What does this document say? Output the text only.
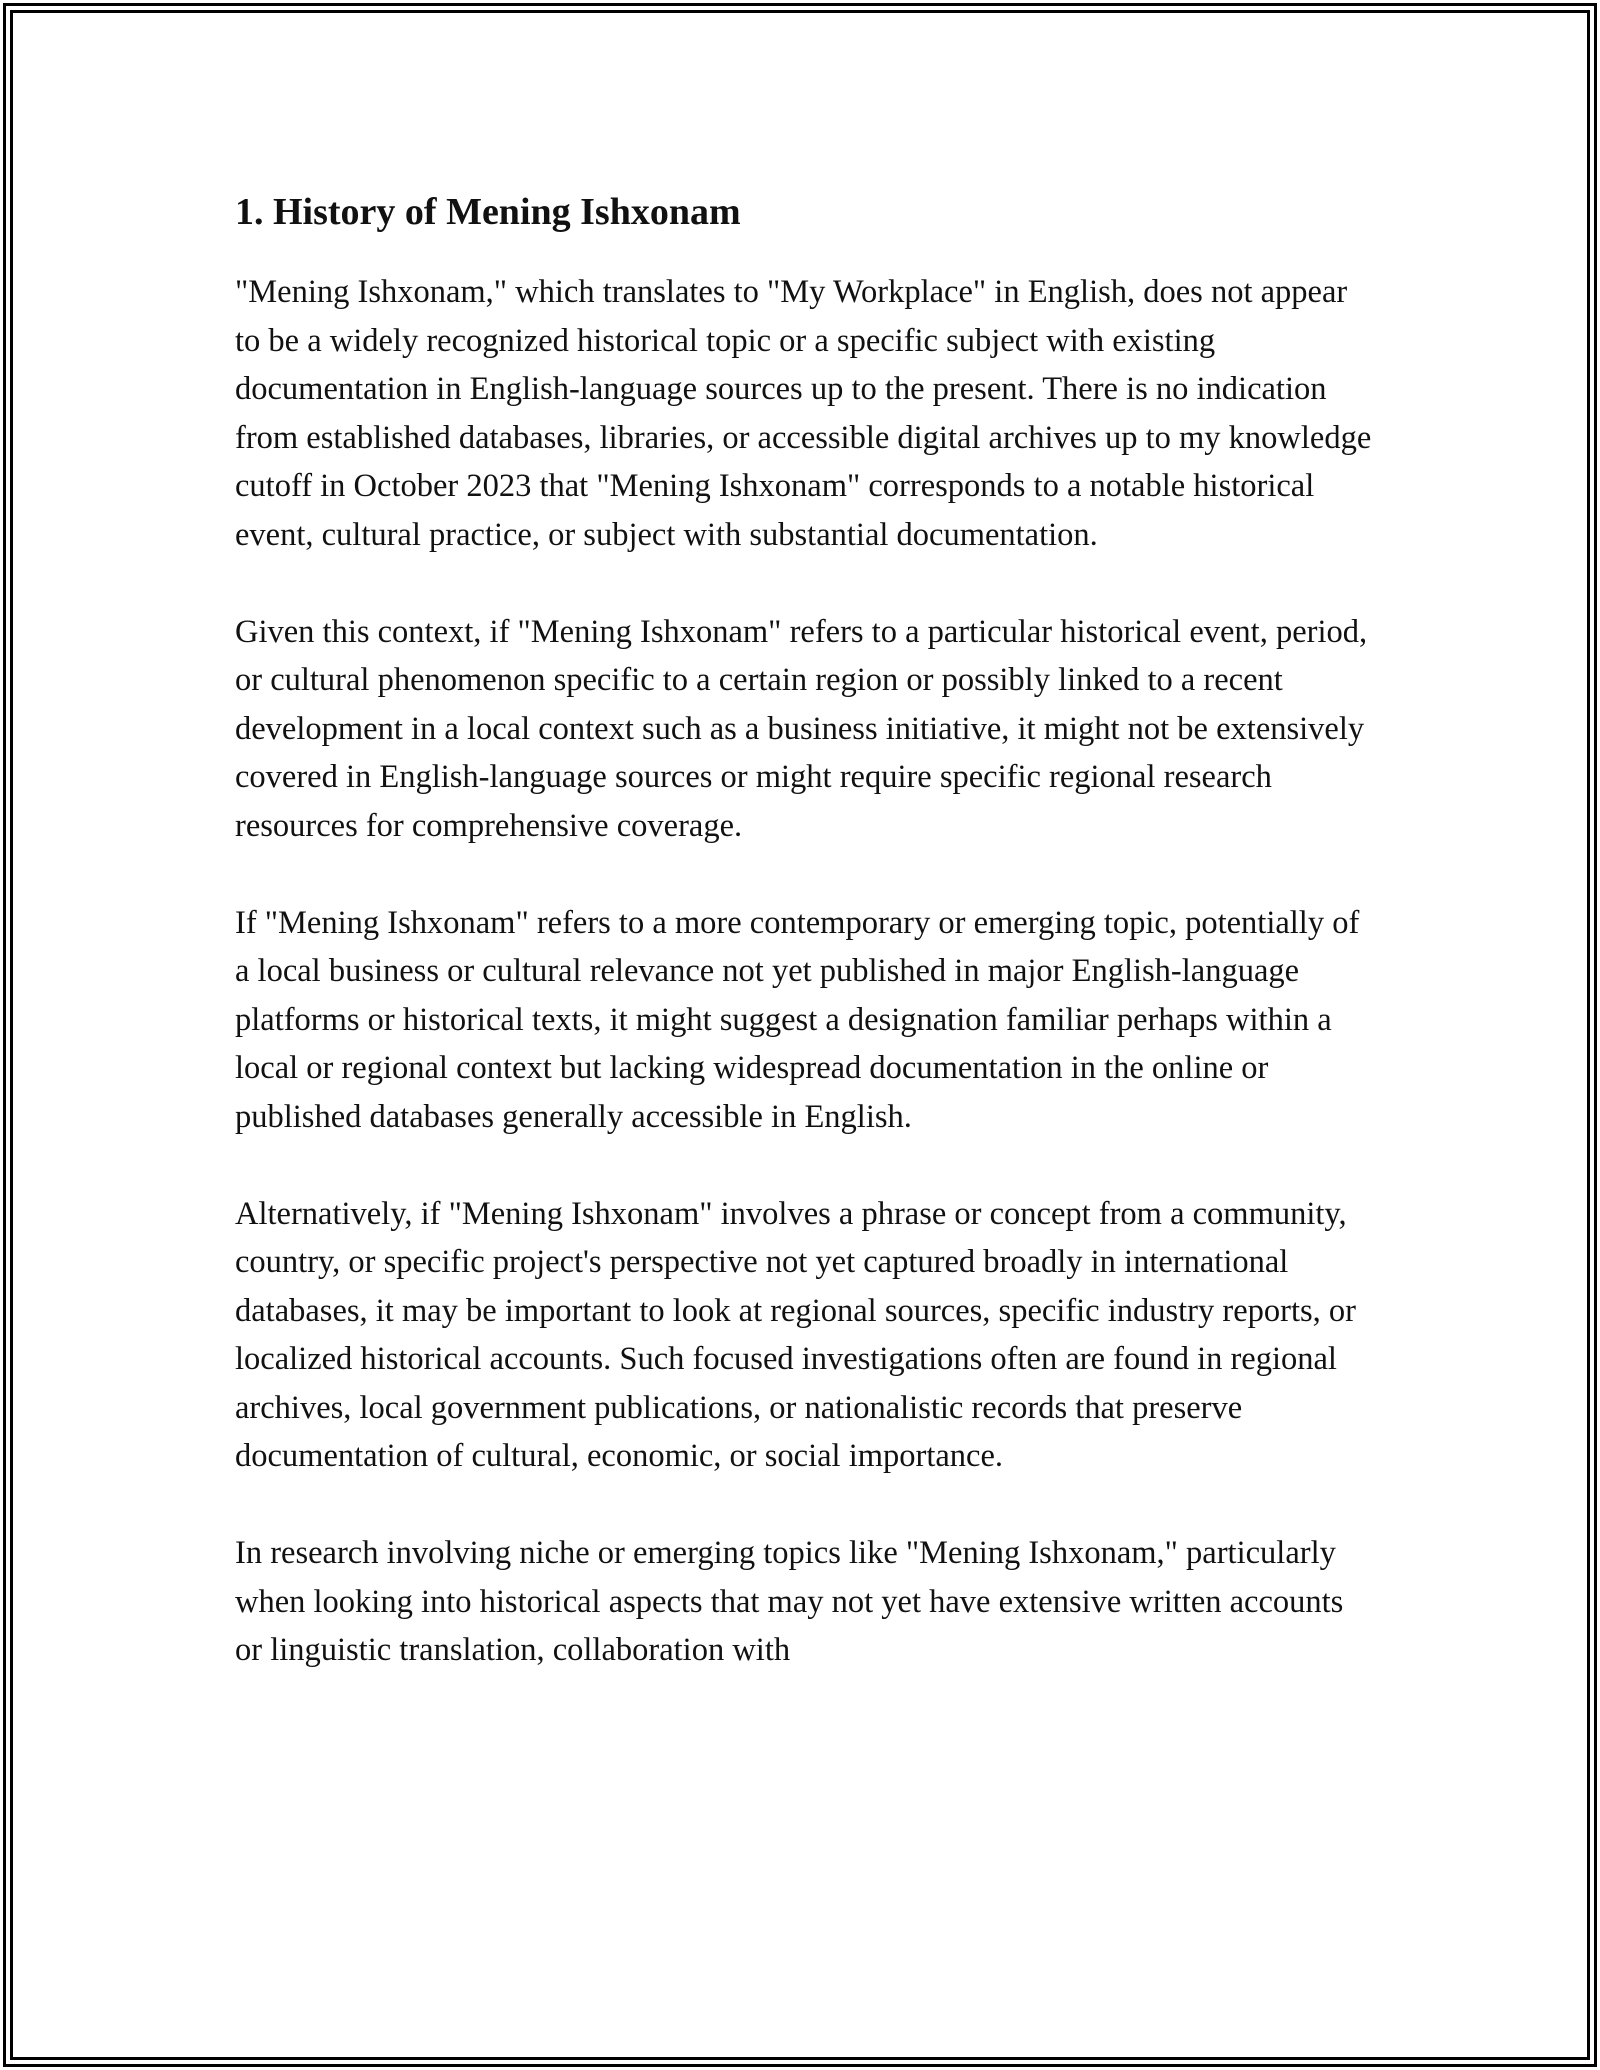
1. History of Mening Ishxonam

"Mening Ishxonam," which translates to "My Workplace" in English, does not appear to be a widely recognized historical topic or a specific subject with existing documentation in English-language sources up to the present. There is no indication from established databases, libraries, or accessible digital archives up to my knowledge cutoff in October 2023 that "Mening Ishxonam" corresponds to a notable historical event, cultural practice, or subject with substantial documentation.

Given this context, if "Mening Ishxonam" refers to a particular historical event, period, or cultural phenomenon specific to a certain region or possibly linked to a recent development in a local context such as a business initiative, it might not be extensively covered in English-language sources or might require specific regional research resources for comprehensive coverage.

If "Mening Ishxonam" refers to a more contemporary or emerging topic, potentially of a local business or cultural relevance not yet published in major English-language platforms or historical texts, it might suggest a designation familiar perhaps within a local or regional context but lacking widespread documentation in the online or published databases generally accessible in English.

Alternatively, if "Mening Ishxonam" involves a phrase or concept from a community, country, or specific project's perspective not yet captured broadly in international databases, it may be important to look at regional sources, specific industry reports, or localized historical accounts. Such focused investigations often are found in regional archives, local government publications, or nationalistic records that preserve documentation of cultural, economic, or social importance.

In research involving niche or emerging topics like "Mening Ishxonam," particularly when looking into historical aspects that may not yet have extensive written accounts or linguistic translation, collaboration with
